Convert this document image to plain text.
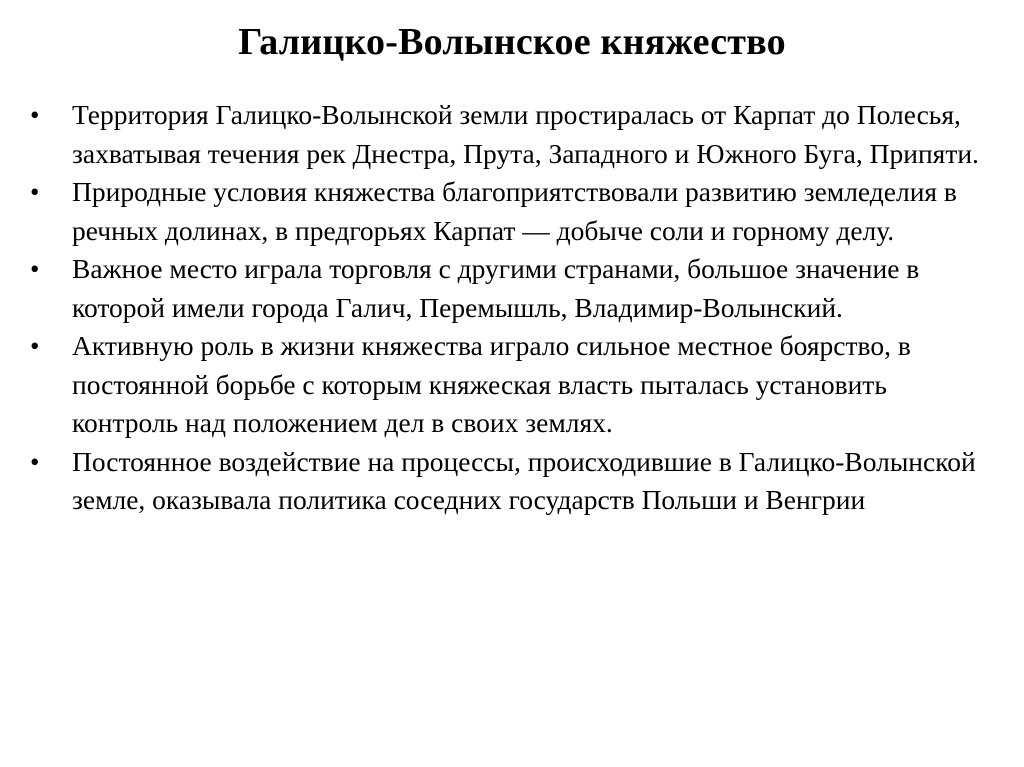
Галицко-Волынское княжество
•	Территория Галицко-Волынской земли простиралась от Карпат до Полесья, захватывая течения рек Днестра, Прута, Западного и Южного Буга, Припяти.
•	Природные условия княжества благоприятствовали развитию земледелия в речных долинах, в предгорьях Карпат — добыче соли и горному делу.
•	Важное место играла торговля с другими странами, большое значение в которой имели города Галич, Перемышль, Владимир-Волынский.
•	Активную роль в жизни княжества играло сильное местное боярство, в постоянной борьбе с которым княжеская власть пыталась установить контроль над положением дел в своих землях.
•	Постоянное воздействие на процессы, происходившие в Галицко-Волынской земле, оказывала политика соседних государств Польши и Венгрии
